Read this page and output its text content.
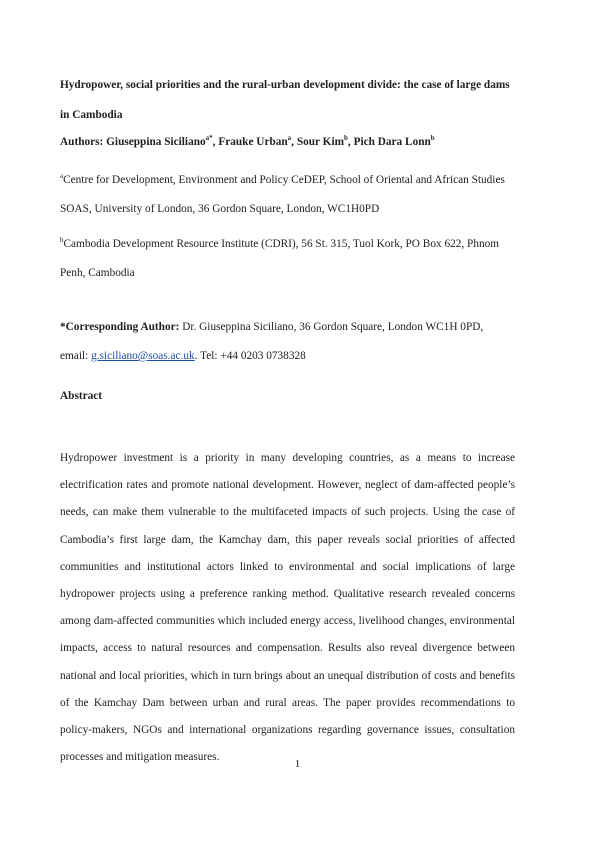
Hydropower, social priorities and the rural-urban development divide: the case of large dams
in Cambodia
Authors: Giuseppina Siciliano$^{a*}$, Frauke Urban$^a$, Sour Kim$^b$, Pich Dara Lonn$^b$
$^a$Centre for Development, Environment and Policy CeDEP, School of Oriental and African Studies
SOAS, University of London, 36 Gordon Square, London, WC1H0PD
$^b$Cambodia Development Resource Institute (CDRI), 56 St. 315, Tuol Kork, PO Box 622, Phnom
Penh, Cambodia
*Corresponding Author: Dr. Giuseppina Siciliano, 36 Gordon Square, London WC1H 0PD,
email: g.siciliano@soas.ac.uk. Tel: +44 0203 0738328
Abstract
Hydropower investment is a priority in many developing countries, as a means to increase
electrification rates and promote national development. However, neglect of dam-affected people’s
needs, can make them vulnerable to the multifaceted impacts of such projects. Using the case of
Cambodia’s first large dam, the Kamchay dam, this paper reveals social priorities of affected
communities and institutional actors linked to environmental and social implications of large
hydropower projects using a preference ranking method. Qualitative research revealed concerns
among dam-affected communities which included energy access, livelihood changes, environmental
impacts, access to natural resources and compensation. Results also reveal divergence between
national and local priorities, which in turn brings about an unequal distribution of costs and benefits
of the Kamchay Dam between urban and rural areas. The paper provides recommendations to
policy-makers, NGOs and international organizations regarding governance issues, consultation
processes and mitigation measures.
1
